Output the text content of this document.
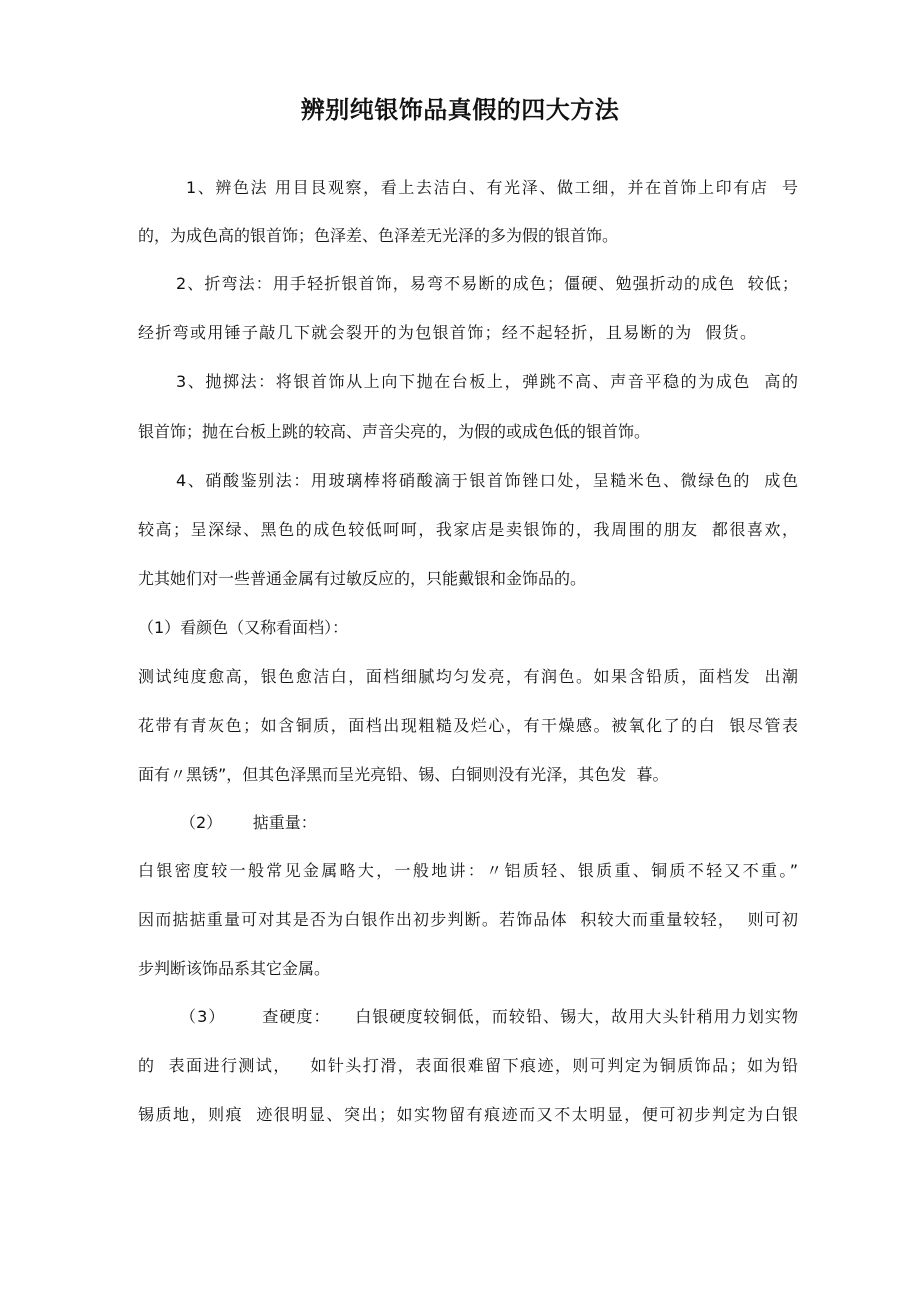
辨别纯银饰品真假的四大方法
1、辨色法 用目艮观察，看上去洁白、有光泽、做工细，并在首饰上印有店  号
的，为成色高的银首饰；色泽差、色泽差无光泽的多为假的银首饰。
2、折弯法：用手轻折银首饰，易弯不易断的成色；僵硬、勉强折动的成色  较低；
经折弯或用锤子敲几下就会裂开的为包银首饰；经不起轻折，且易断的为  假货。
3、抛掷法：将银首饰从上向下抛在台板上，弹跳不高、声音平稳的为成色  高的
银首饰；抛在台板上跳的较高、声音尖亮的，为假的或成色低的银首饰。
4、硝酸鉴别法：用玻璃棒将硝酸滴于银首饰锉口处，呈糙米色、微绿色的  成色
较高；呈深绿、黑色的成色较低呵呵，我家店是卖银饰的，我周围的朋友  都很喜欢，
尤其她们对一些普通金属有过敏反应的，只能戴银和金饰品的。
（1）看颜色（又称看面档）：
测试纯度愈高，银色愈洁白，面档细腻均匀发亮，有润色。如果含铅质，面档发  出潮
花带有青灰色；如含铜质，面档出现粗糙及烂心，有干燥感。被氧化了的白  银尽管表
面有〃黑锈”，但其色泽黑而呈光亮铅、锡、白铜则没有光泽，其色发  暮。
（2）      掂重量：
白银密度较一般常见金属略大，一般地讲：〃铝质轻、银质重、铜质不轻又不重。”
因而掂掂重量可对其是否为白银作出初步判断。若饰品体  积较大而重量较轻，  则可初
步判断该饰品系其它金属。
（3）      查硬度：    白银硬度较铜低，而较铅、锡大，故用大头针稍用力划实物
的  表面进行测试，   如针头打滑，表面很难留下痕迹，则可判定为铜质饰品；如为铅
锡质地，则痕  迹很明显、突出；如实物留有痕迹而又不太明显，便可初步判定为白银
